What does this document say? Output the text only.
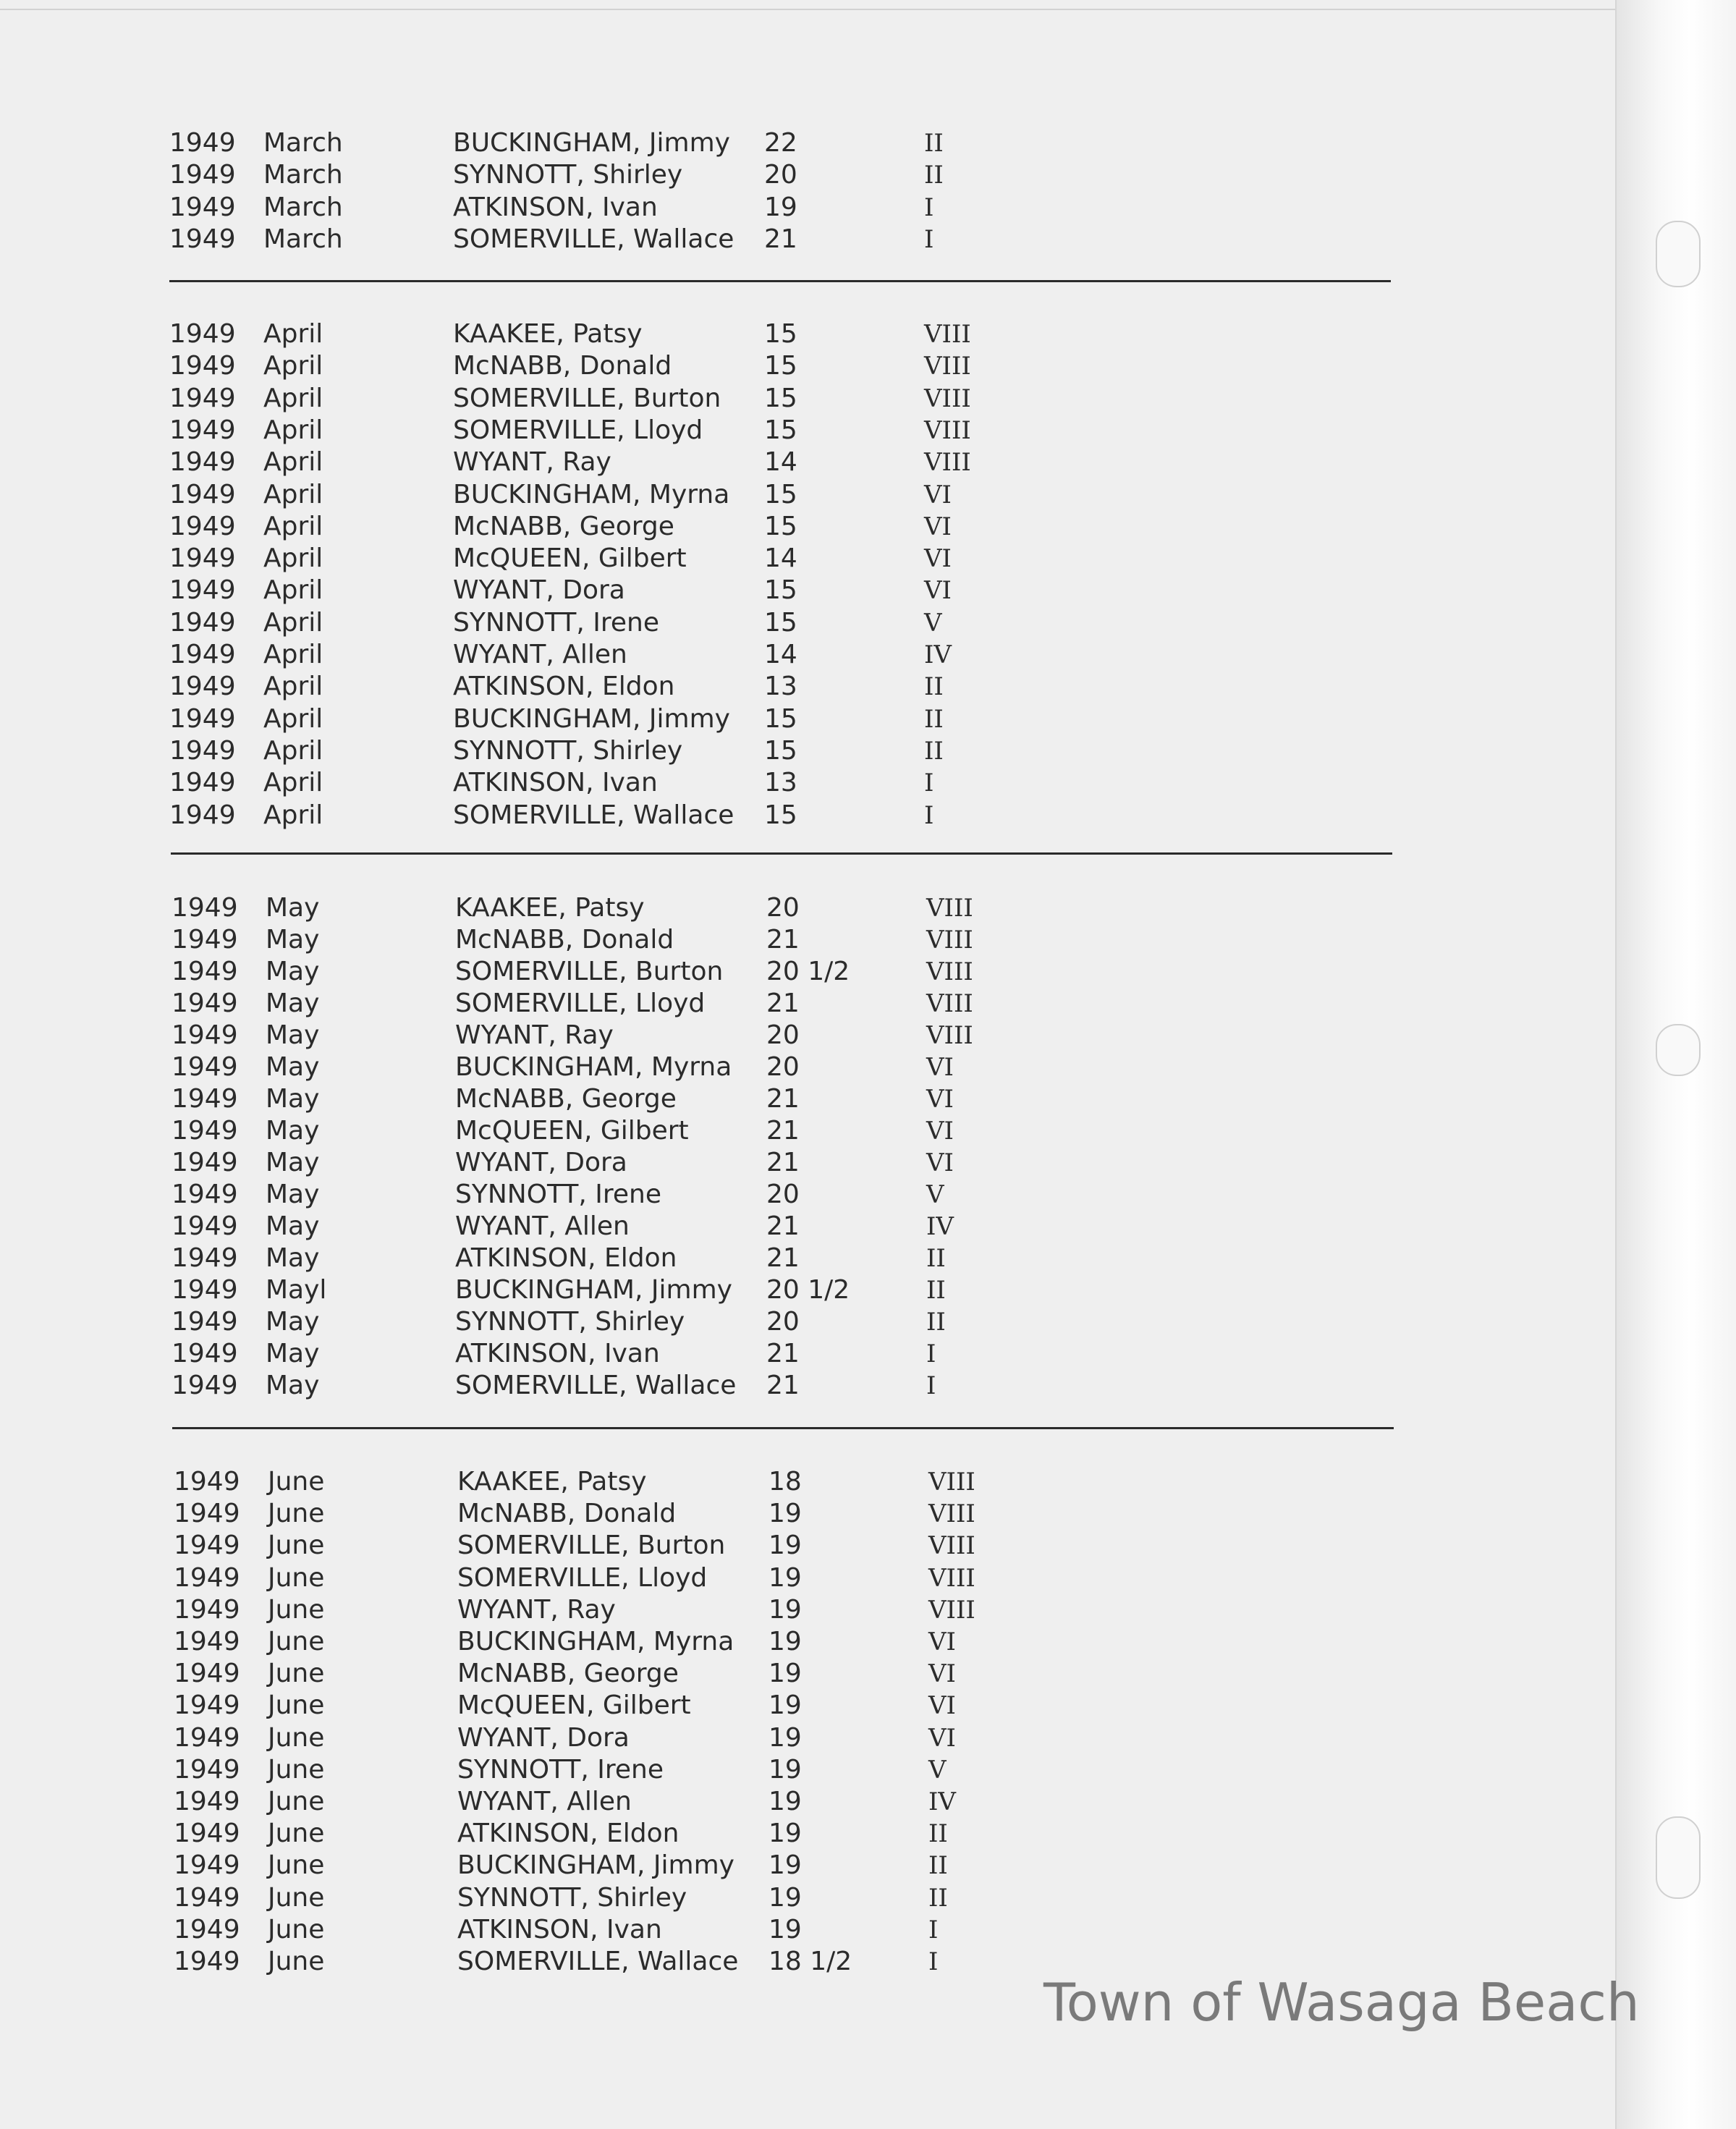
1949 March	BUCKINGHAM, Jimmy 22	II
1949 March	SYNNOTT, Shirley	20	II
1949 March	ATKINSON, Ivan	19	I
1949 March	SOMERVILLE, Wallace 21	I
1949 April	KAAKEE, Patsy	15	VIII
1949 April	McNABB, Donald	15	VIII
1949 April	SOMERVILLE, Burton 15	VIII
1949 April	SOMERVILLE, Lloyd 15	VIII
1949 April	WYANT, Ray	14	VIII
1949 April	BUCKINGHAM, Myrna 15	VI
1949 April	McNABB, George	15	VI
1949 April	McQUEEN, Gilbert	14	VI
1949 April	WYANT, Dora	15	VI
1949 April	SYNNOTT, Irene	15	V
1949 April	WYANT, Allen	14	IV
1949 April	ATKINSON, Eldon	13	II
1949 April	BUCKINGHAM, Jimmy 15	II
1949 April	SYNNOTT, Shirley	15	II
1949 April	ATKINSON, Ivan	13	I
1949 April	SOMERVILLE, Wallace 15	I
1949 May	KAAKEE, Patsy	20	VIII
1949 May	McNABB, Donald	21	VIII
1949 May	SOMERVILLE, Burton 20 1/2	VIII
1949 May	SOMERVILLE, Lloyd 21	VIII
1949 May	WYANT, Ray	20	VIII
1949 May	BUCKINGHAM, Myrna 20	VI
1949 May	McNABB, George	21	VI
1949 May	McQUEEN, Gilbert	21	VI
1949 May	WYANT, Dora	21	VI
1949 May	SYNNOTT, Irene	20	V
1949 May	WYANT, Allen	21	IV
1949 May	ATKINSON, Eldon	21	II
1949 Mayl	BUCKINGHAM, Jimmy 20 1/2	II
1949 May	SYNNOTT, Shirley	20	II
1949 May	ATKINSON, Ivan	21	I
1949 May	SOMERVILLE, Wallace 21	I
1949 June	KAAKEE, Patsy	18	VIII
1949 June	McNABB, Donald	19	VIII
1949 June	SOMERVILLE, Burton 19	VIII
1949 June	SOMERVILLE, Lloyd 19	VIII
1949 June	WYANT, Ray	19	VIII
1949 June	BUCKINGHAM, Myrna 19	VI
1949 June	McNABB, George	19	VI
1949 June	McQUEEN, Gilbert	19	VI
1949 June	WYANT, Dora	19	VI
1949 June	SYNNOTT, Irene	19	V
1949 June	WYANT, Allen	19	IV
1949 June	ATKINSON, Eldon	19	II
1949 June	BUCKINGHAM, Jimmy 19	II
1949 June	SYNNOTT, Shirley	19	II
1949 June	ATKINSON, Ivan	19	I
1949 June	SOMERVILLE, Wallace 18 1/2	I
Town of Wasaga Beach
